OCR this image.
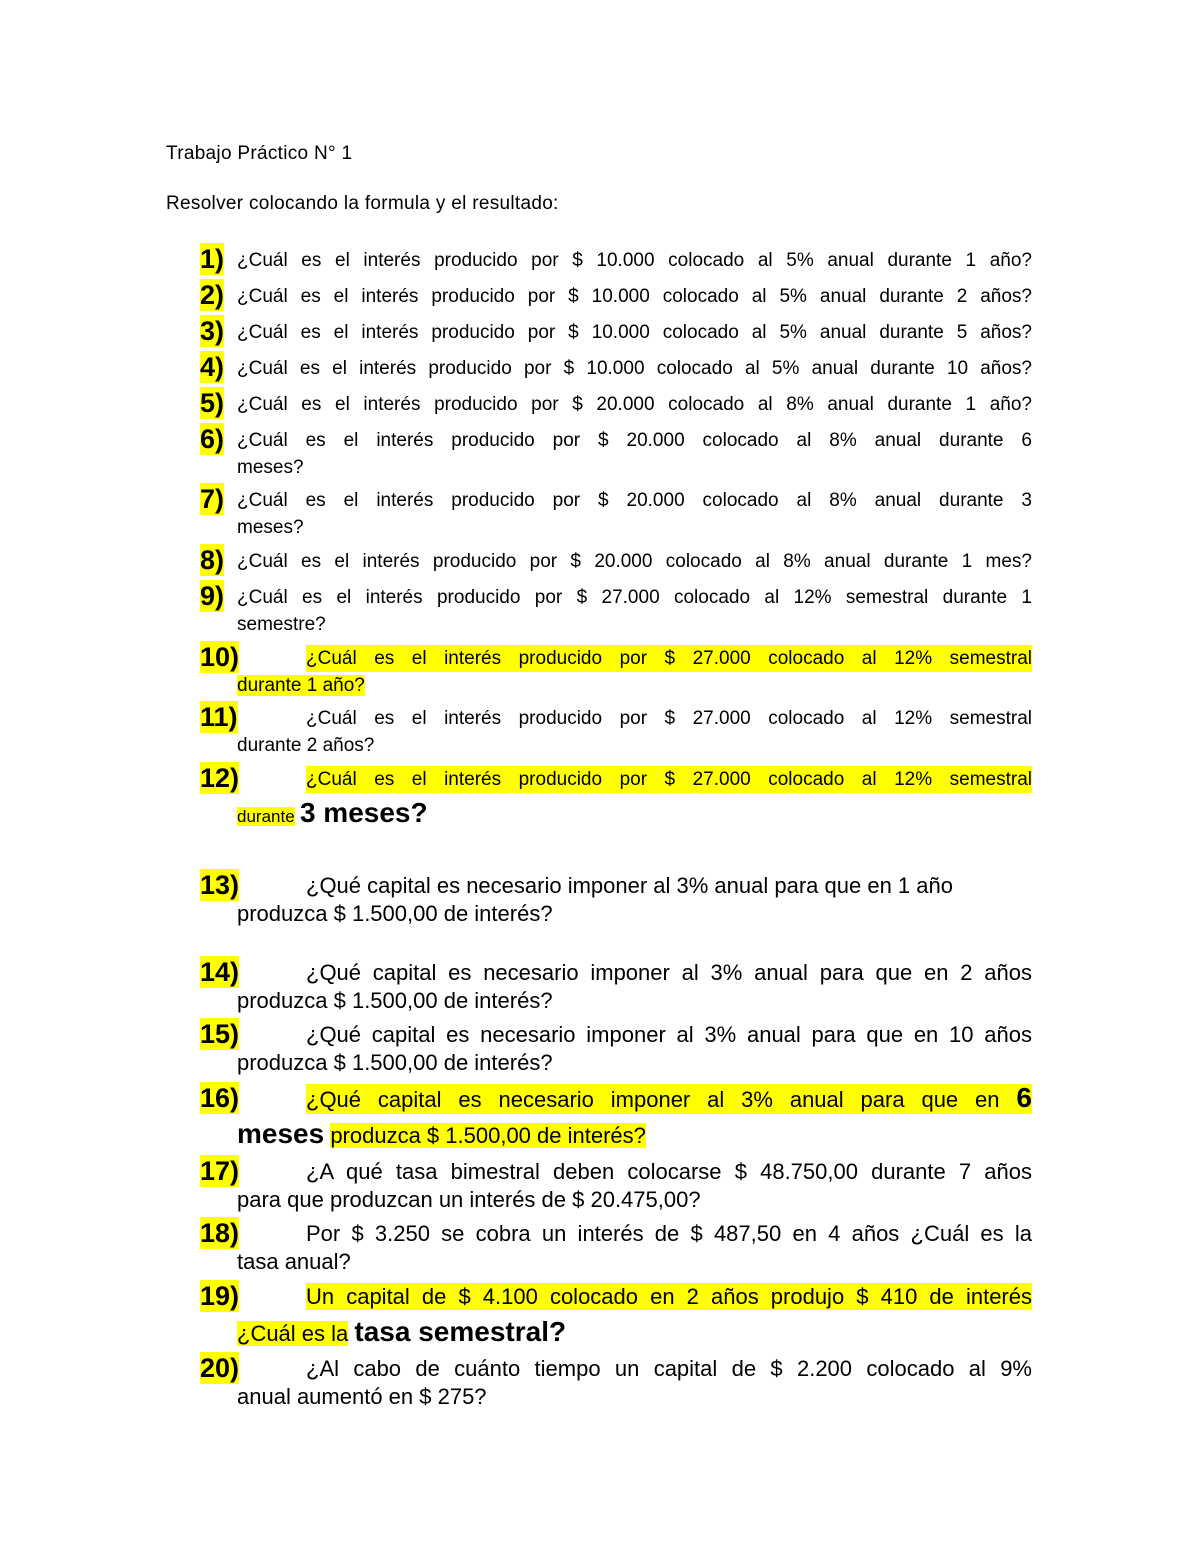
Trabajo Práctico N° 1
Resolver colocando la formula y el resultado:
1) ¿Cuál es el interés producido por $ 10.000 colocado al 5% anual durante 1 año?
2) ¿Cuál es el interés producido por $ 10.000 colocado al 5% anual durante 2 años?
3) ¿Cuál es el interés producido por $ 10.000 colocado al 5% anual durante 5 años?
4) ¿Cuál es el interés producido por $ 10.000 colocado al 5% anual durante 10 años?
5) ¿Cuál es el interés producido por $ 20.000 colocado al 8% anual durante 1 año?
6) ¿Cuál es el interés producido por $ 20.000 colocado al 8% anual durante 6
meses?
7) ¿Cuál es el interés producido por $ 20.000 colocado al 8% anual durante 3
meses?
8) ¿Cuál es el interés producido por $ 20.000 colocado al 8% anual durante 1 mes?
9) ¿Cuál es el interés producido por $ 27.000 colocado al 12% semestral durante 1
semestre?
10)	¿Cuál es el interés producido por $ 27.000 colocado al 12% semestral
durante 1 año?
11)	¿Cuál es el interés producido por $ 27.000 colocado al 12% semestral
durante 2 años?
12)	¿Cuál es el interés producido por $ 27.000 colocado al 12% semestral
durante 3 meses?
13)	¿Qué capital es necesario imponer al 3% anual para que en 1 año
produzca $ 1.500,00 de interés?
14)	¿Qué capital es necesario imponer al 3% anual para que en 2 años
produzca $ 1.500,00 de interés?
15)	¿Qué capital es necesario imponer al 3% anual para que en 10 años
produzca $ 1.500,00 de interés?
16)	¿Qué capital es necesario imponer al 3% anual para que en 6
meses produzca $ 1.500,00 de interés?
17)	¿A qué tasa bimestral deben colocarse $ 48.750,00 durante 7 años
para que produzcan un interés de $ 20.475,00?
18)	Por $ 3.250 se cobra un interés de $ 487,50 en 4 años ¿Cuál es la
tasa anual?
19)	Un capital de $ 4.100 colocado en 2 años produjo $ 410 de interés
¿Cuál es la tasa semestral?
20)	¿Al cabo de cuánto tiempo un capital de $ 2.200 colocado al 9%
anual aumentó en $ 275?
